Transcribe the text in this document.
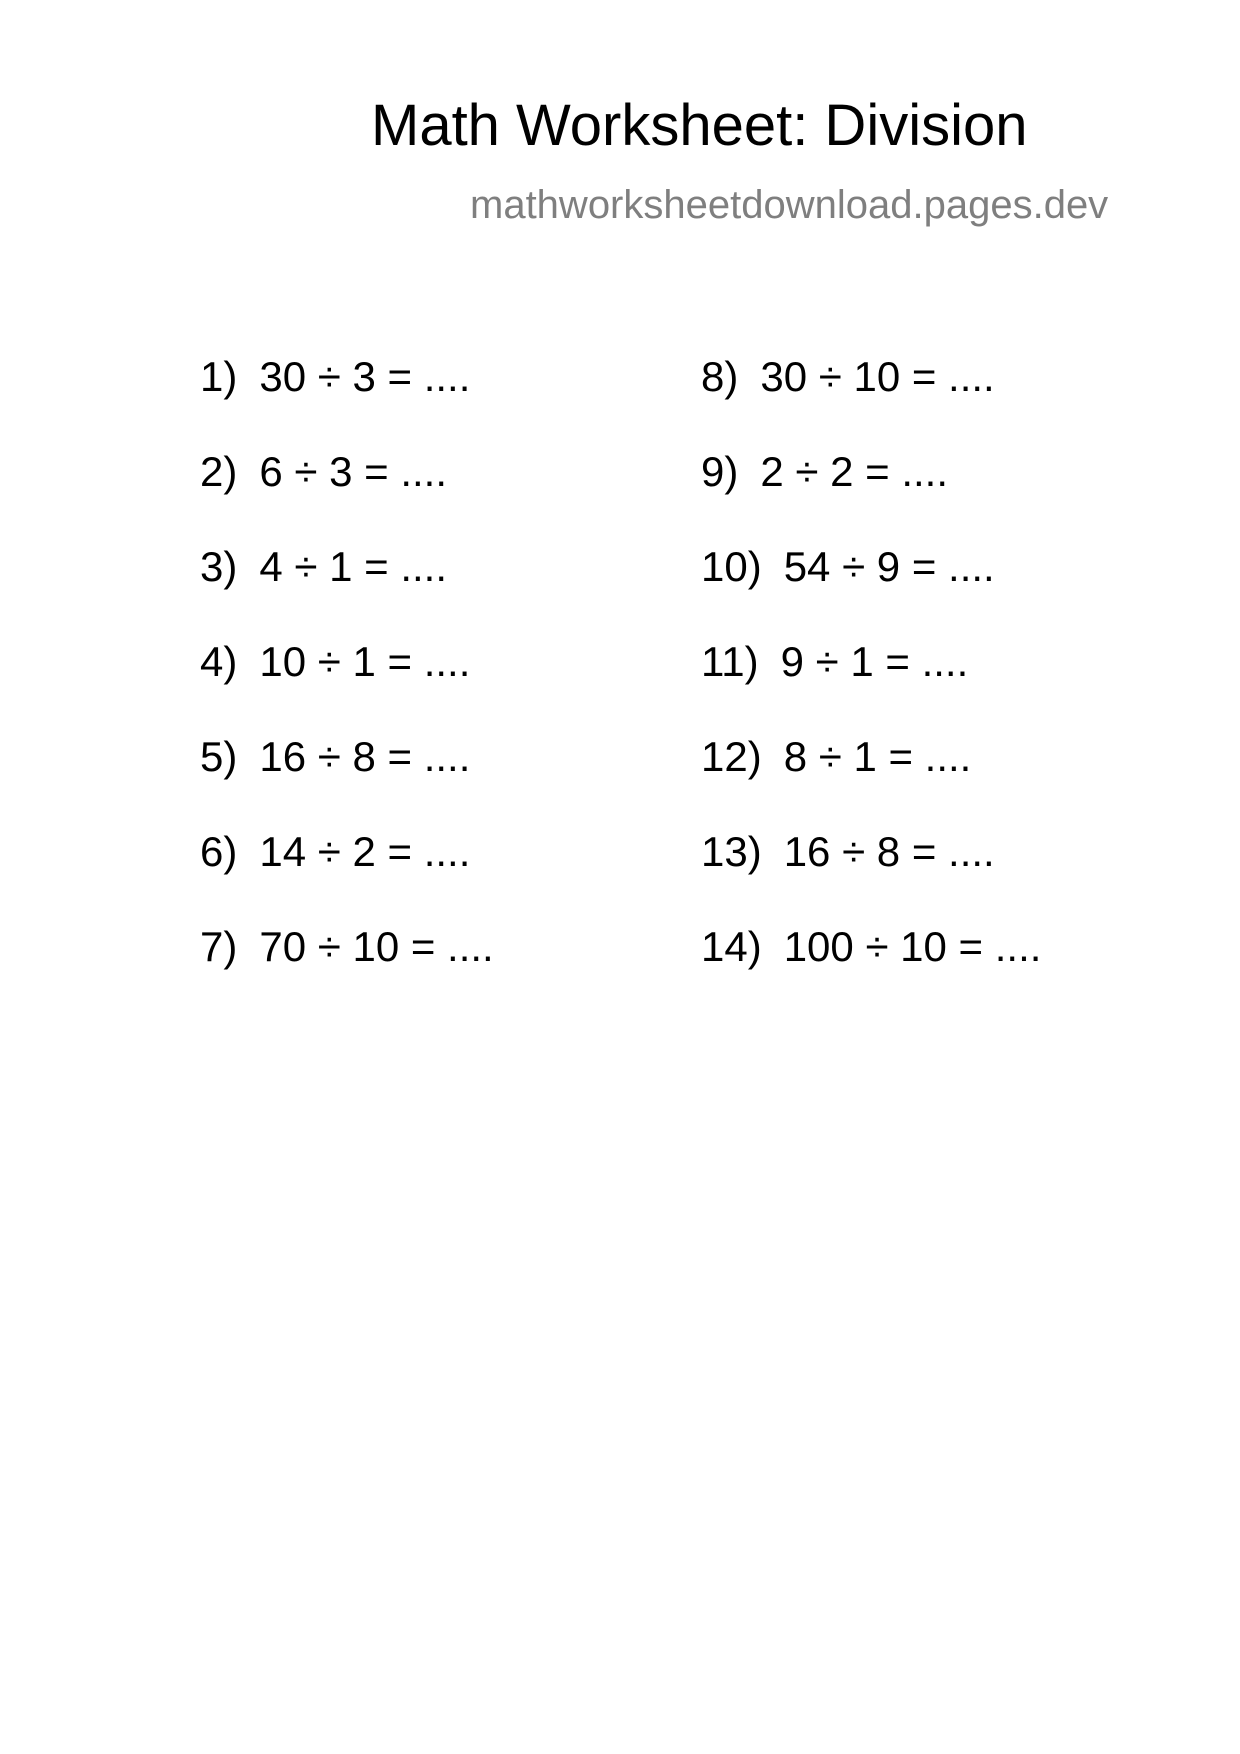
Math Worksheet: Division
mathworksheetdownload.pages.dev
1) 30 ÷ 3 = ....
2) 6 ÷ 3 = ....
3) 4 ÷ 1 = ....
4) 10 ÷ 1 = ....
5) 16 ÷ 8 = ....
6) 14 ÷ 2 = ....
7) 70 ÷ 10 = ....
8) 30 ÷ 10 = ....
9) 2 ÷ 2 = ....
10) 54 ÷ 9 = ....
11) 9 ÷ 1 = ....
12) 8 ÷ 1 = ....
13) 16 ÷ 8 = ....
14) 100 ÷ 10 = ....
